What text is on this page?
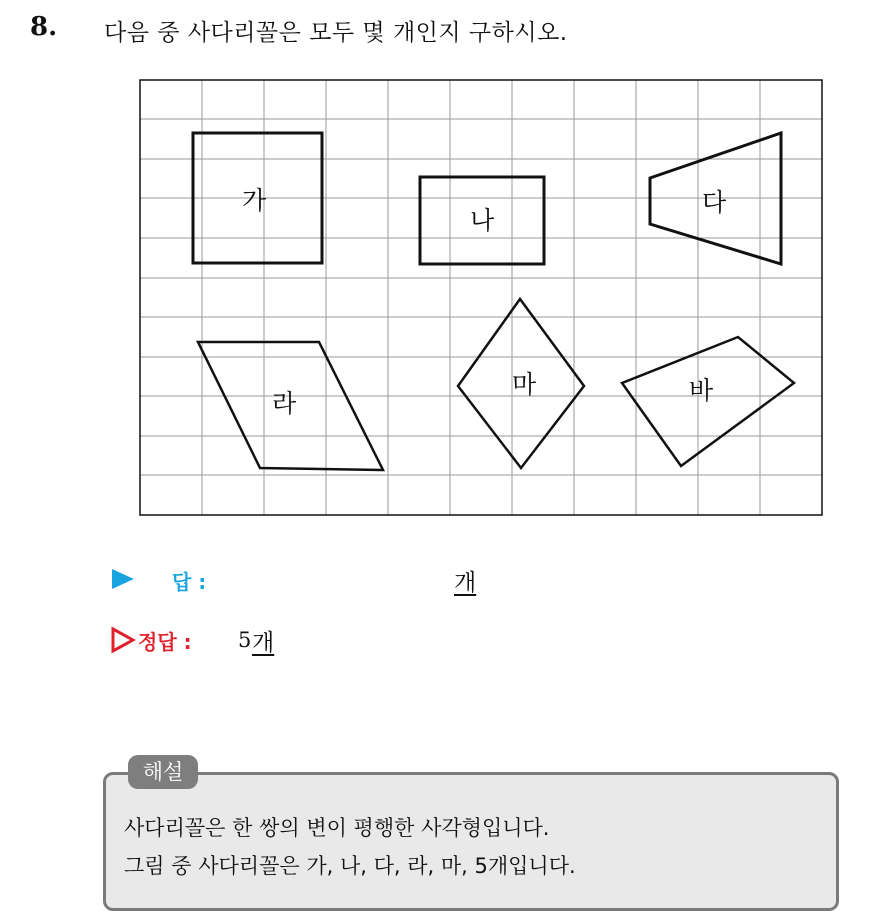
8. 다음 중 사다리꼴은 모두 몇 개인지 구하시오.
가
나
다
라
마	바
답 :	개
정답 : 5 개
해설
사다리꼴은 한 쌍의 변이 평행한 사각형입니다.
그림 중 사다리꼴은 가, 나, 다, 라, 마, 5개입니다.
